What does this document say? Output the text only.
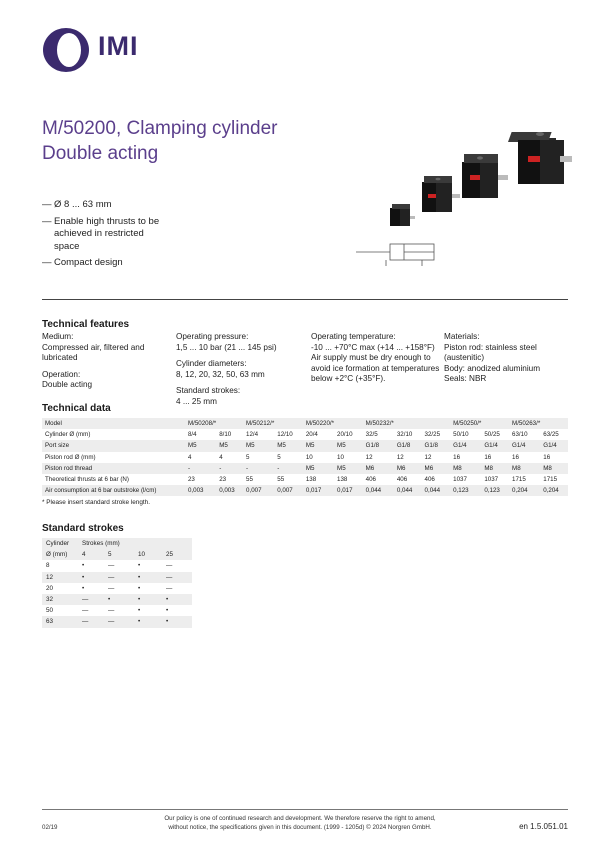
IMI
M/50200, Clamping cylinder
Double acting
— Ø 8 ... 63 mm
— Enable high thrusts to be achieved in restricted space
— Compact design
Technical features
Medium:
Compressed air, filtered and lubricated
Operation:
Double acting
Operating pressure:
1,5 ... 10 bar (21 ... 145 psi)
Cylinder diameters:
8, 12, 20, 32, 50, 63 mm
Standard strokes:
4 ... 25 mm
Operating temperature:
-10 ... +70°C max (+14 ... +158°F)
Air supply must be dry enough to avoid ice formation at temperatures below +2°C (+35°F).
Materials:
Piston rod: stainless steel (austenitic)
Body: anodized aluminium
Seals: NBR
Technical data
Model	M/50208/*		M/50212/*		M/50220/*		M/50232/*			M/50250/*		M/50263/*	
Cylinder Ø (mm)	8/4	8/10	12/4	12/10	20/4	20/10	32/5	32/10	32/25	50/10	50/25	63/10	63/25
Port size	M5	M5	M5	M5	M5	M5	G1/8	G1/8	G1/8	G1/4	G1/4	G1/4	G1/4
Piston rod Ø (mm)	4	4	5	5	10	10	12	12	12	16	16	16	16
Piston rod thread	-	-	-	-	M5	M5	M6	M6	M6	M8	M8	M8	M8
Theoretical thrusts at 6 bar (N)	23	23	55	55	138	138	406	406	406	1037	1037	1715	1715
Air consumption at 6 bar outstroke (l/cm)	0,003	0,003	0,007	0,007	0,017	0,017	0,044	0,044	0,044	0,123	0,123	0,204	0,204
* Please insert standard stroke length.
Standard strokes
Cylinder	Strokes (mm)			
Ø (mm)	4	5	10	25
8	•	—	•	—
12	•	—	•	—
20	•	—	•	—
32	—	•	•	•
50	—	—	•	•
63	—	—	•	•
02/19
Our policy is one of continued research and development. We therefore reserve the right to amend,
without notice, the specifications given in this document. (1999 - 1205d) © 2024 Norgren GmbH.	en 1.5.051.01
